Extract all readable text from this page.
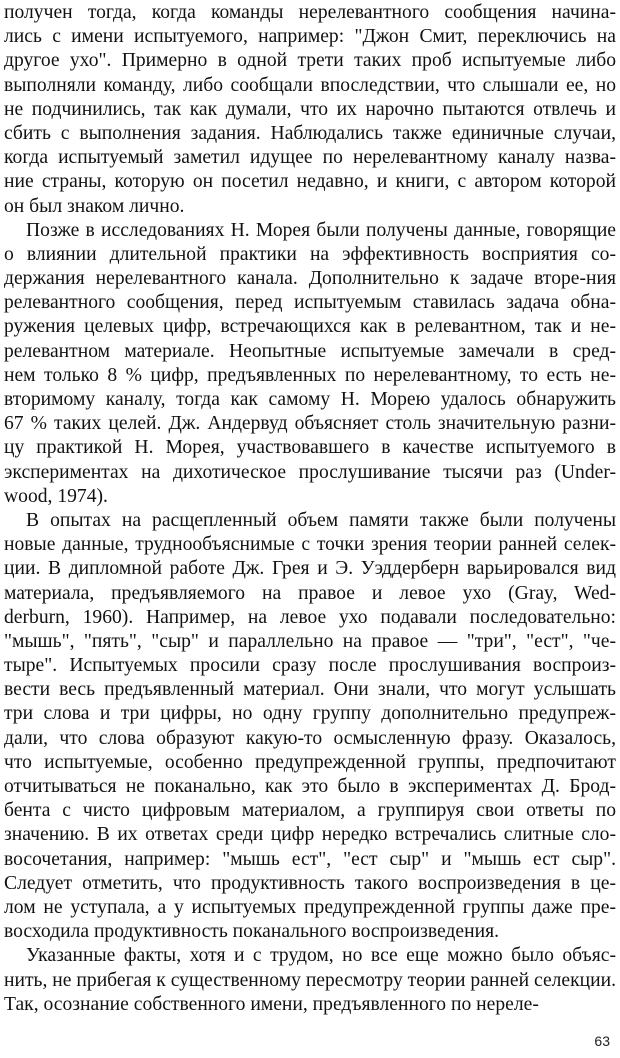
получен тогда, когда команды нерелевантного сообщения начина-
лись с имени испытуемого, например: "Джон Смит, переключись на
другое ухо". Примерно в одной трети таких проб испытуемые либо
выполняли команду, либо сообщали впоследствии, что слышали ее, но
не подчинились, так как думали, что их нарочно пытаются отвлечь и
сбить с выполнения задания. Наблюдались также единичные случаи,
когда испытуемый заметил идущее по нерелевантному каналу назва-
ние страны, которую он посетил недавно, и книги, с автором которой
он был знаком лично.
Позже в исследованиях Н. Морея были получены данные, говорящие
о влиянии длительной практики на эффективность восприятия со-
держания нерелевантного канала. Дополнительно к задаче вторе-ния
релевантного сообщения, перед испытуемым ставилась задача обна-
ружения целевых цифр, встречающихся как в релевантном, так и не-
релевантном материале. Неопытные испытуемые замечали в сред-
нем только 8 % цифр, предъявленных по нерелевантному, то есть не-
вторимому каналу, тогда как самому Н. Морею удалось обнаружить
67 % таких целей. Дж. Андервуд объясняет столь значительную разни-
цу практикой Н. Морея, участвовавшего в качестве испытуемого в
экспериментах на дихотическое прослушивание тысячи раз (Under-
wood, 1974).
В опытах на расщепленный объем памяти также были получены
новые данные, труднообъяснимые с точки зрения теории ранней селек-
ции. В дипломной работе Дж. Грея и Э. Уэддерберн варьировался вид
материала, предъявляемого на правое и левое ухо (Gray, Wed-
derburn, 1960). Например, на левое ухо подавали последовательно:
"мышь", "пять", "сыр" и параллельно на правое — "три", "ест", "че-
тыре". Испытуемых просили сразу после прослушивания воспроиз-
вести весь предъявленный материал. Они знали, что могут услышать
три слова и три цифры, но одну группу дополнительно предупреж-
дали, что слова образуют какую-то осмысленную фразу. Оказалось,
что испытуемые, особенно предупрежденной группы, предпочитают
отчитываться не поканально, как это было в экспериментах Д. Брод-
бента с чисто цифровым материалом, а группируя свои ответы по
значению. В их ответах среди цифр нередко встречались слитные сло-
восочетания, например: "мышь ест", "ест сыр" и "мышь ест сыр".
Следует отметить, что продуктивность такого воспроизведения в це-
лом не уступала, а у испытуемых предупрежденной группы даже пре-
восходила продуктивность поканального воспроизведения.
Указанные факты, хотя и с трудом, но все еще можно было объяс-
нить, не прибегая к существенному пересмотру теории ранней селекции.
Так, осознание собственного имени, предъявленного по нереле-
63
